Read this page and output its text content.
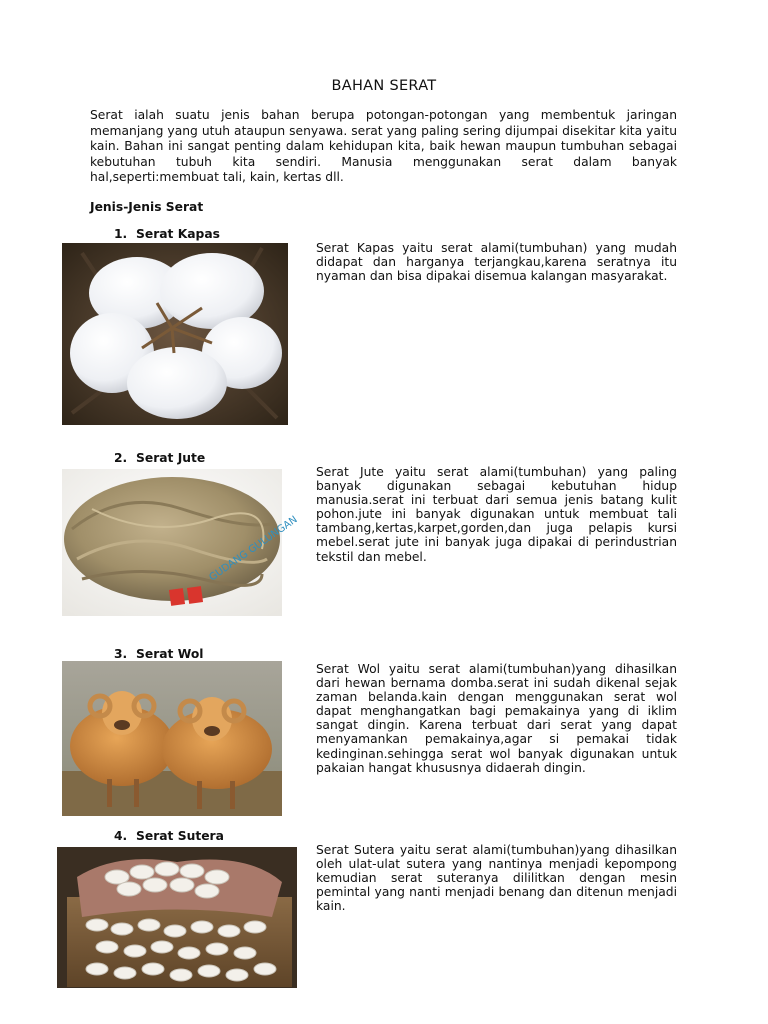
BAHAN SERAT
Serat ialah suatu jenis bahan berupa potongan-potongan yang membentuk jaringan memanjang yang utuh ataupun senyawa. serat yang paling sering dijumpai disekitar kita yaitu kain. Bahan ini sangat penting dalam kehidupan kita, baik hewan maupun tumbuhan sebagai kebutuhan tubuh kita sendiri. Manusia menggunakan serat dalam banyak hal,seperti:membuat tali, kain, kertas dll.
Jenis-Jenis Serat
1. Serat Kapas
Serat Kapas yaitu serat alami(tumbuhan) yang mudah didapat dan harganya terjangkau,karena seratnya itu nyaman dan bisa dipakai disemua kalangan masyarakat.
2. Serat Jute
GUDANG GULUNGAN
Serat Jute yaitu serat alami(tumbuhan) yang paling banyak digunakan sebagai kebutuhan hidup manusia.serat ini terbuat dari semua jenis batang kulit pohon.jute ini banyak digunakan untuk membuat tali tambang,kertas,karpet,gorden,dan juga pelapis kursi mebel.serat jute ini banyak juga dipakai di perindustrian tekstil dan mebel.
3. Serat Wol
Serat Wol yaitu serat alami(tumbuhan)yang dihasilkan dari hewan bernama domba.serat ini sudah dikenal sejak zaman belanda.kain dengan menggunakan serat wol dapat menghangatkan bagi pemakainya yang di iklim sangat dingin. Karena terbuat dari serat yang dapat menyamankan pemakainya,agar si pemakai tidak kedinginan.sehingga serat wol banyak digunakan untuk pakaian hangat khususnya didaerah dingin.
4. Serat Sutera
Serat Sutera yaitu serat alami(tumbuhan)yang dihasilkan oleh ulat-ulat sutera yang nantinya menjadi kepompong kemudian serat suteranya dililitkan dengan mesin pemintal yang nanti menjadi benang dan ditenun menjadi kain.
